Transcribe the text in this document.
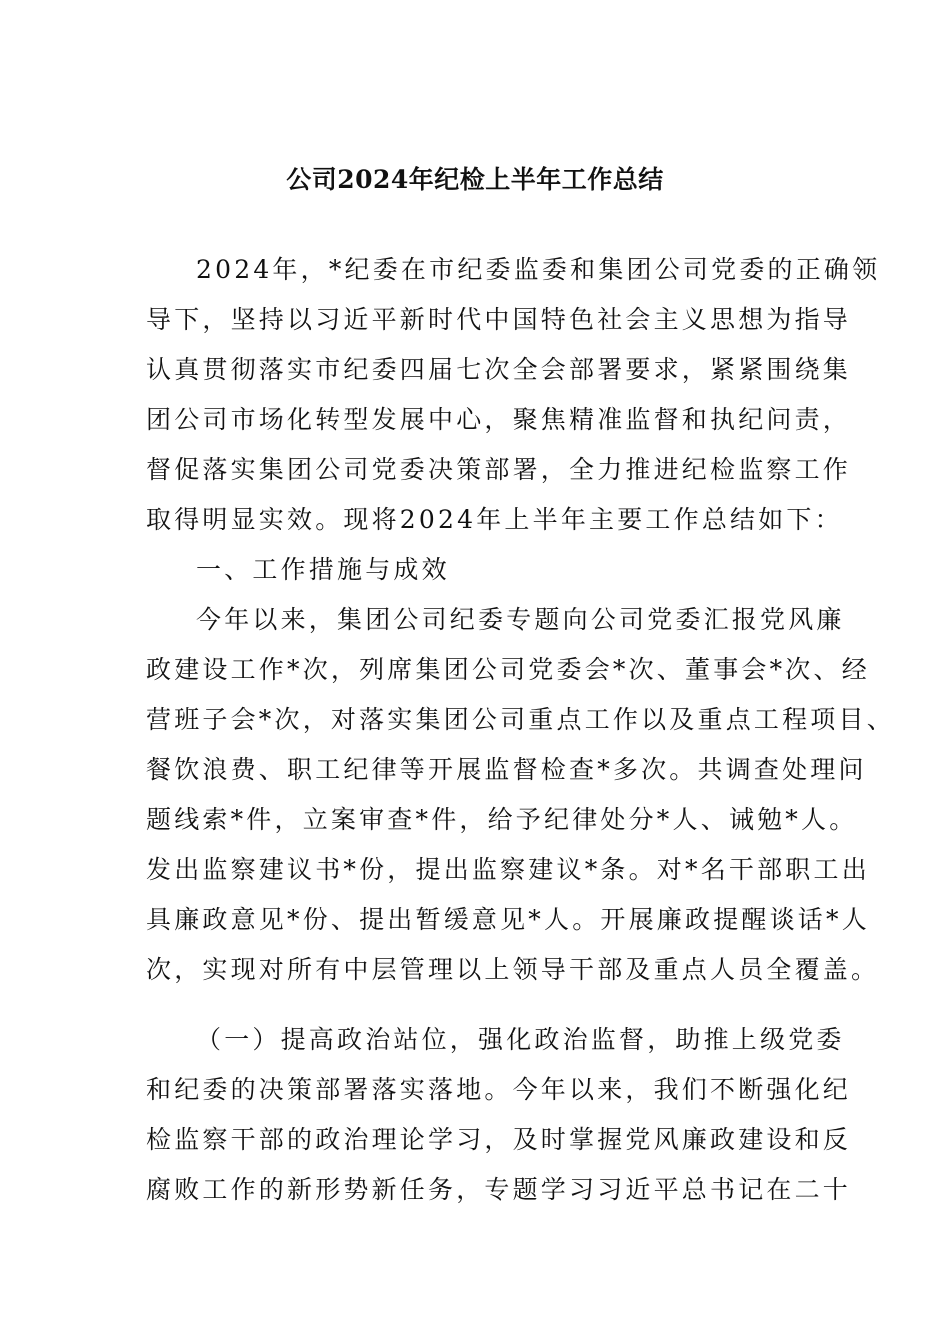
公司2024年纪检上半年工作总结
2024年，*纪委在市纪委监委和集团公司党委的正确领
导下，坚持以习近平新时代中国特色社会主义思想为指导
认真贯彻落实市纪委四届七次全会部署要求，紧紧围绕集
团公司市场化转型发展中心，聚焦精准监督和执纪问责，
督促落实集团公司党委决策部署，全力推进纪检监察工作
取得明显实效。现将2024年上半年主要工作总结如下：
一、工作措施与成效
今年以来，集团公司纪委专题向公司党委汇报党风廉
政建设工作*次，列席集团公司党委会*次、董事会*次、经
营班子会*次，对落实集团公司重点工作以及重点工程项目、
餐饮浪费、职工纪律等开展监督检查*多次。共调查处理问
题线索*件，立案审查*件，给予纪律处分*人、诫勉*人。
发出监察建议书*份，提出监察建议*条。对*名干部职工出
具廉政意见*份、提出暂缓意见*人。开展廉政提醒谈话*人
次，实现对所有中层管理以上领导干部及重点人员全覆盖。
（一）提高政治站位，强化政治监督，助推上级党委
和纪委的决策部署落实落地。今年以来，我们不断强化纪
检监察干部的政治理论学习，及时掌握党风廉政建设和反
腐败工作的新形势新任务，专题学习习近平总书记在二十
